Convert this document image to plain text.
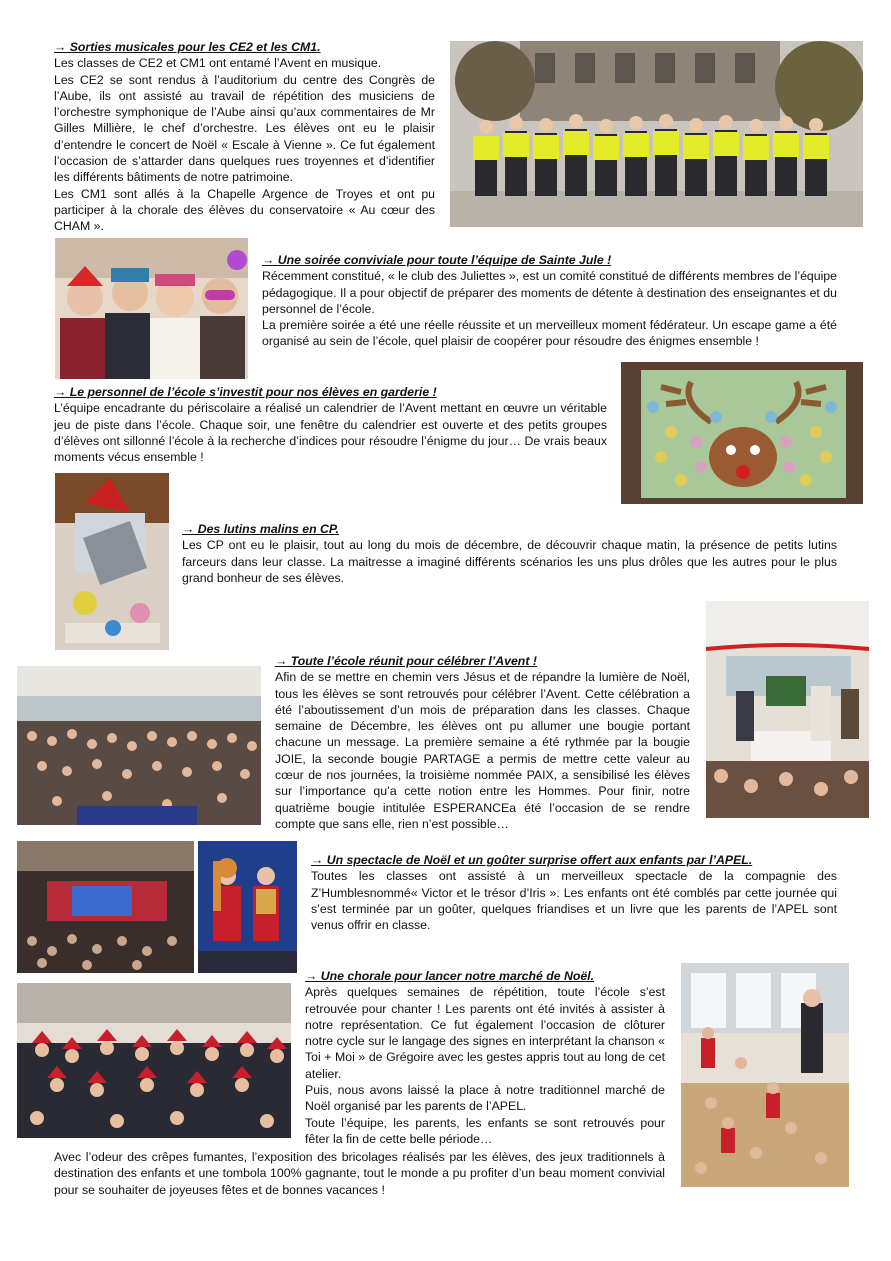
→ Sorties musicales pour les CE2 et les CM1.

Les classes de CE2 et CM1 ont entamé l’Avent en musique.

Les CE2 se sont rendus à l’auditorium du centre des Congrès de l’Aube, ils ont assisté au travail de répétition des musiciens de l’orchestre symphonique de l’Aube ainsi qu’aux commentaires de Mr Gilles Millière, le chef d’orchestre. Les élèves ont eu le plaisir d’entendre le concert de Noël « Escale à Vienne ». Ce fut également l’occasion de s’attarder dans quelques rues troyennes et d’identifier les différents bâtiments de notre patrimoine.

Les CM1 sont allés à la Chapelle Argence de Troyes et ont pu participer à la chorale des élèves du conservatoire « Au cœur des CHAM ».

→ Une soirée conviviale pour toute l’équipe de Sainte Jule !

Récemment constitué, « le club des Juliettes », est un comité constitué de différents membres de l’équipe pédagogique. Il a pour objectif de préparer des moments de détente à destination des enseignantes et du personnel de l’école.

La première soirée a été une réelle réussite et un merveilleux moment fédérateur. Un escape game a été organisé au sein de l’école, quel plaisir de coopérer pour résoudre des énigmes ensemble !

→ Le personnel de l’école s’investit pour nos élèves en garderie !

L’équipe encadrante du périscolaire a réalisé un calendrier de l’Avent mettant en œuvre un véritable jeu de piste dans l’école. Chaque soir, une fenêtre du calendrier est ouverte et des petits groupes d’élèves ont sillonné l’école à la recherche d’indices pour résoudre l’énigme du jour… De vrais beaux moments vécus ensemble !

→ Des lutins malins en CP.

Les CP ont eu le plaisir, tout au long du mois de décembre, de découvrir chaque matin, la présence de petits lutins farceurs dans leur classe. La maitresse a imaginé différents scénarios les uns plus drôles que les autres pour le plus grand bonheur de ses élèves.

→ Toute l’école réunit pour célébrer l’Avent !

Afin de se mettre en chemin vers Jésus et de répandre la lumière de Noël, tous les élèves se sont retrouvés pour célébrer l’Avent. Cette célébration a été l’aboutissement d’un mois de préparation dans les classes. Chaque semaine de Décembre, les élèves ont pu allumer une bougie portant chacune un message. La première semaine a été rythmée par la bougie JOIE, la seconde bougie PARTAGE a permis de mettre cette valeur au cœur de nos journées, la troisième nommée PAIX, a sensibilisé les élèves sur l’importance qu’a cette notion entre les Hommes. Pour finir, notre quatrième bougie intitulée ESPERANCEa été l’occasion de se rendre compte que sans elle, rien n’est possible…

→ Un spectacle de Noël et un goûter surprise offert aux enfants par l’APEL.

Toutes les classes ont assisté à un merveilleux spectacle de la compagnie des Z’Humblesnommé« Victor et le trésor d’Iris ». Les enfants ont été comblés par cette journée qui s’est terminée par un goûter, quelques friandises et un livre que les parents de l’APEL sont venus offrir en classe.

→ Une chorale pour lancer notre marché de Noël.

Après quelques semaines de répétition, toute l’école s’est retrouvée pour chanter ! Les parents ont été invités à assister à notre représentation. Ce fut également l’occasion de clôturer notre cycle sur le langage des signes en interprétant la chanson « Toi + Moi » de Grégoire avec les gestes appris tout au long de cet atelier.

Puis, nous avons laissé la place à notre traditionnel marché de Noël organisé par les parents de l’APEL.

Toute l’équipe, les parents, les enfants se sont retrouvés pour fêter la fin de cette belle période…

Avec l’odeur des crêpes fumantes, l’exposition des bricolages réalisés par les élèves, des jeux traditionnels à destination des enfants et une tombola 100% gagnante, tout le monde a pu profiter d’un beau moment convivial pour se souhaiter de joyeuses fêtes et de bonnes vacances !
